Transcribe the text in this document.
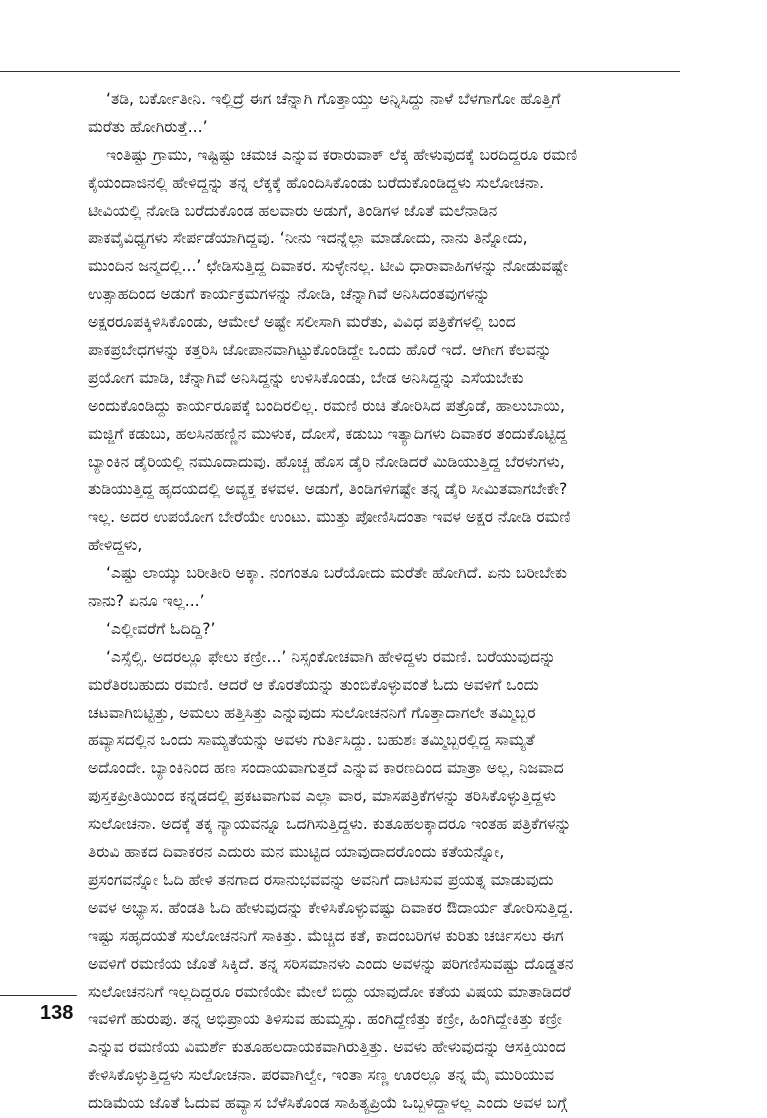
‘ತಡಿ, ಬರ್ಕೋತೀನಿ. ಇಲ್ಲಿದ್ರೆ ಈಗ ಚೆನ್ನಾಗಿ ಗೊತ್ತಾಯ್ತು ಅನ್ನಿಸಿದ್ದು ನಾಳೆ ಬೆಳಗಾಗೋ ಹೊತ್ತಿಗೆ
ಮರೆತು ಹೋಗಿರುತ್ತೆ...’
ಇಂತಿಷ್ಟು ಗ್ರಾಮು, ಇಷ್ಟಿಷ್ಟು ಚಮಚ ಎನ್ನುವ ಕರಾರುವಾಕ್ ಲೆಕ್ಕ ಹೇಳುವುದಕ್ಕೆ ಬರದಿದ್ದರೂ ರಮಣಿ
ಕೈಯಂದಾಜಿನಲ್ಲಿ ಹೇಳಿದ್ದನ್ನು ತನ್ನ ಲೆಕ್ಕಕ್ಕೆ ಹೊಂದಿಸಿಕೊಂಡು ಬರೆದುಕೊಂಡಿದ್ದಳು ಸುಲೋಚನಾ.
ಟೀವಿಯಲ್ಲಿ ನೋಡಿ ಬರೆದುಕೊಂಡ ಹಲವಾರು ಅಡುಗೆ, ತಿಂಡಿಗಳ ಜೊತೆ ಮಲೆನಾಡಿನ
ಪಾಕವೈವಿಧ್ಯಗಳು ಸೇರ್ಪಡೆಯಾಗಿದ್ದವು. ‘ನೀನು ಇದನ್ನೆಲ್ಲಾ ಮಾಡೋದು, ನಾನು ತಿನ್ನೋದು,
ಮುಂದಿನ ಜನ್ಮದಲ್ಲಿ...’ ಛೇಡಿಸುತ್ತಿದ್ದ ದಿವಾಕರ. ಸುಳ್ಳೇನಲ್ಲ. ಟೀವಿ ಧಾರಾವಾಹಿಗಳನ್ನು ನೋಡುವಷ್ಟೇ
ಉತ್ಸಾಹದಿಂದ ಅಡುಗೆ ಕಾರ್ಯಕ್ರಮಗಳನ್ನು ನೋಡಿ, ಚೆನ್ನಾಗಿವೆ ಅನಿಸಿದಂತವುಗಳನ್ನು
ಅಕ್ಷರರೂಪಕ್ಕಿಳಿಸಿಕೊಂಡು, ಆಮೇಲೆ ಅಷ್ಟೇ ಸಲೀಸಾಗಿ ಮರೆತು, ವಿವಿಧ ಪತ್ರಿಕೆಗಳಲ್ಲಿ ಬಂದ
ಪಾಕಪ್ರಬೇಧಗಳನ್ನು ಕತ್ತರಿಸಿ ಜೋಪಾನವಾಗಿಟ್ಟುಕೊಂಡಿದ್ದೇ ಒಂದು ಹೊರೆ ಇದೆ. ಆಗೀಗ ಕೆಲವನ್ನು
ಪ್ರಯೋಗ ಮಾಡಿ, ಚೆನ್ನಾಗಿವೆ ಅನಿಸಿದ್ದನ್ನು ಉಳಿಸಿಕೊಂಡು, ಬೇಡ ಅನಿಸಿದ್ದನ್ನು ಎಸೆಯಬೇಕು
ಅಂದುಕೊಂಡಿದ್ದು ಕಾರ್ಯರೂಪಕ್ಕೆ ಬಂದಿರಲಿಲ್ಲ. ರಮಣಿ ರುಚಿ ತೋರಿಸಿದ ಪತ್ರೊಡೆ, ಹಾಲುಬಾಯಿ,
ಮಜ್ಜಿಗೆ ಕಡುಬು, ಹಲಸಿನಹಣ್ಣಿನ ಮುಳುಕ, ದೋಸೆ, ಕಡುಬು ಇತ್ಯಾದಿಗಳು ದಿವಾಕರ ತಂದುಕೊಟ್ಟಿದ್ದ
ಬ್ಯಾಂಕಿನ ಡೈರಿಯಲ್ಲಿ ನಮೂದಾದುವು. ಹೊಚ್ಚ ಹೊಸ ಡೈರಿ ನೋಡಿದರೆ ಮಿಡಿಯುತ್ತಿದ್ದ ಬೆರಳುಗಳು,
ತುಡಿಯುತ್ತಿದ್ದ ಹೃದಯದಲ್ಲಿ ಅವ್ಯಕ್ತ ಕಳವಳ. ಅಡುಗೆ, ತಿಂಡಿಗಳಿಗಷ್ಟೇ ತನ್ನ ಡೈರಿ ಸೀಮಿತವಾಗಬೇಕೇ?
ಇಲ್ಲ. ಅದರ ಉಪಯೋಗ ಬೇರೆಯೇ ಉಂಟು. ಮುತ್ತು ಪೋಣಿಸಿದಂತಾ ಇವಳ ಅಕ್ಷರ ನೋಡಿ ರಮಣಿ
ಹೇಳಿದ್ದಳು,
‘ಎಷ್ಟು ಲಾಯ್ಕು ಬರೀತೀರಿ ಅಕ್ಕಾ. ನಂಗಂತೂ ಬರೆಯೋದು ಮರೆತೇ ಹೋಗಿದೆ. ಏನು ಬರೀಬೇಕು
ನಾನು? ಏನೂ ಇಲ್ಲ...’
‘ಎಲ್ಲೀವರೆಗೆ ಓದಿದ್ದಿ?’
‘ಎಸ್ಸೆಲ್ಸಿ. ಅದರಲ್ಲೂ ಫೇಲು ಕಣ್ರೀ...’ ನಿಸ್ಸಂಕೋಚವಾಗಿ ಹೇಳಿದ್ದಳು ರಮಣಿ. ಬರೆಯುವುದನ್ನು
ಮರೆತಿರಬಹುದು ರಮಣಿ. ಆದರೆ ಆ ಕೊರತೆಯನ್ನು ತುಂಬಿಕೊಳ್ಳುವಂತೆ ಓದು ಅವಳಿಗೆ ಒಂದು
ಚಟವಾಗಿಬಿಟ್ಟಿತ್ತು, ಅಮಲು ಹತ್ತಿಸಿತ್ತು ಎನ್ನುವುದು ಸುಲೋಚನನಿಗೆ ಗೊತ್ತಾದಾಗಲೇ ತಮ್ಮಿಬ್ಬರ
ಹವ್ಯಾಸದಲ್ಲಿನ ಒಂದು ಸಾಮ್ಯತೆಯನ್ನು ಅವಳು ಗುರ್ತಿಸಿದ್ದು. ಬಹುಶಃ ತಮ್ಮಿಬ್ಬರಲ್ಲಿದ್ದ ಸಾಮ್ಯತೆ
ಅದೊಂದೇ. ಬ್ಯಾಂಕಿನಿಂದ ಹಣ ಸಂದಾಯವಾಗುತ್ತದೆ ಎನ್ನುವ ಕಾರಣದಿಂದ ಮಾತ್ರಾ ಅಲ್ಲ, ನಿಜವಾದ
ಪುಸ್ತಕಪ್ರೀತಿಯಿಂದ ಕನ್ನಡದಲ್ಲಿ ಪ್ರಕಟವಾಗುವ ಎಲ್ಲಾ ವಾರ, ಮಾಸಪತ್ರಿಕೆಗಳನ್ನು ತರಿಸಿಕೊಳ್ಳುತ್ತಿದ್ದಳು
ಸುಲೋಚನಾ. ಅದಕ್ಕೆ ತಕ್ಕ ನ್ಯಾಯವನ್ನೂ ಒದಗಿಸುತ್ತಿದ್ದಳು. ಕುತೂಹಲಕ್ಕಾದರೂ ಇಂತಹ ಪತ್ರಿಕೆಗಳನ್ನು
ತಿರುವಿ ಹಾಕದ ದಿವಾಕರನ ಎದುರು ಮನ ಮುಟ್ಟಿದ ಯಾವುದಾದರೊಂದು ಕತೆಯನ್ನೋ,
ಪ್ರಸಂಗವನ್ನೋ ಓದಿ ಹೇಳಿ ತನಗಾದ ರಸಾನುಭವವನ್ನು ಅವನಿಗೆ ದಾಟಿಸುವ ಪ್ರಯತ್ನ ಮಾಡುವುದು
ಅವಳ ಅಭ್ಯಾಸ. ಹೆಂಡತಿ ಓದಿ ಹೇಳುವುದನ್ನು ಕೇಳಿಸಿಕೊಳ್ಳುವಷ್ಟು ದಿವಾಕರ ಔದಾರ್ಯ ತೋರಿಸುತ್ತಿದ್ದ.
ಇಷ್ಟು ಸಹೃದಯತೆ ಸುಲೋಚನನಿಗೆ ಸಾಕಿತ್ತು. ಮೆಚ್ಚಿದ ಕತೆ, ಕಾದಂಬರಿಗಳ ಕುರಿತು ಚರ್ಚಿಸಲು ಈಗ
ಅವಳಿಗೆ ರಮಣಿಯ ಜೊತೆ ಸಿಕ್ಕಿದೆ. ತನ್ನ ಸರಿಸಮಾನಳು ಎಂದು ಅವಳನ್ನು ಪರಿಗಣಿಸುವಷ್ಟು ದೊಡ್ಡತನ
ಸುಲೋಚನನಿಗೆ ಇಲ್ಲದಿದ್ದರೂ ರಮಣಿಯೇ ಮೇಲೆ ಬಿದ್ದು ಯಾವುದೋ ಕತೆಯ ವಿಷಯ ಮಾತಾಡಿದರೆ
ಇವಳಿಗೆ ಹುರುಪು. ತನ್ನ ಅಭಿಪ್ರಾಯ ತಿಳಿಸುವ ಹುಮ್ಮಸ್ಸು. ಹಂಗಿದ್ದೆಣಿತ್ತು ಕಣ್ರೀ, ಹಿಂಗಿದ್ದೇಕಿತ್ತು ಕಣ್ರೀ
ಎನ್ನುವ ರಮಣಿಯ ವಿಮರ್ಶೆ ಕುತೂಹಲದಾಯಕವಾಗಿರುತ್ತಿತ್ತು. ಅವಳು ಹೇಳುವುದನ್ನು ಆಸಕ್ತಿಯಿಂದ
ಕೇಳಿಸಿಕೊಳ್ಳುತ್ತಿದ್ದಳು ಸುಲೋಚನಾ. ಪರವಾಗಿಲ್ವೇ, ಇಂತಾ ಸಣ್ಣ ಊರಲ್ಲೂ ತನ್ನ ಮೈ ಮುರಿಯುವ
ದುಡಿಮೆಯ ಜೊತೆ ಓದುವ ಹವ್ಯಾಸ ಬೆಳೆಸಿಕೊಂಡ ಸಾಹಿತ್ಯಪ್ರಿಯೆ ಒಬ್ಬಳಿದ್ದಾಳಲ್ಲ ಎಂದು ಅವಳ ಬಗ್ಗೆ
138
